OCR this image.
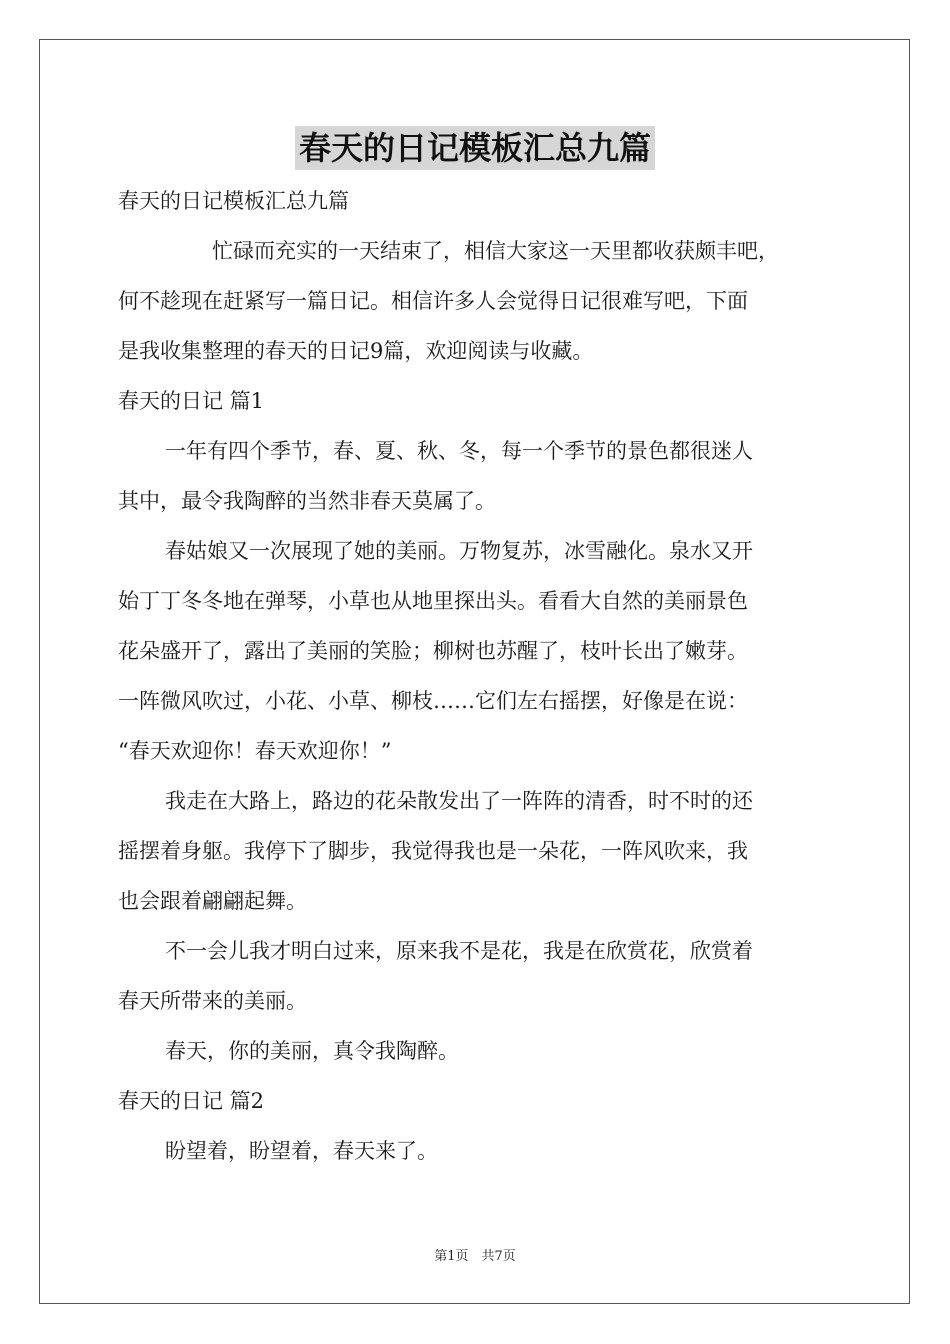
春天的日记模板汇总九篇
春天的日记模板汇总九篇
忙碌而充实的一天结束了，相信大家这一天里都收获颇丰吧，
何不趁现在赶紧写一篇日记。相信许多人会觉得日记很难写吧，下面
是我收集整理的春天的日记9篇，欢迎阅读与收藏。
春天的日记 篇1
一年有四个季节，春、夏、秋、冬，每一个季节的景色都很迷人
其中，最令我陶醉的当然非春天莫属了。
春姑娘又一次展现了她的美丽。万物复苏，冰雪融化。泉水又开
始丁丁冬冬地在弹琴，小草也从地里探出头。看看大自然的美丽景色
花朵盛开了，露出了美丽的笑脸；柳树也苏醒了，枝叶长出了嫩芽。
一阵微风吹过，小花、小草、柳枝……它们左右摇摆，好像是在说：
“春天欢迎你！春天欢迎你！”
我走在大路上，路边的花朵散发出了一阵阵的清香，时不时的还
摇摆着身躯。我停下了脚步，我觉得我也是一朵花，一阵风吹来，我
也会跟着翩翩起舞。
不一会儿我才明白过来，原来我不是花，我是在欣赏花，欣赏着
春天所带来的美丽。
春天，你的美丽，真令我陶醉。
春天的日记 篇2
盼望着，盼望着，春天来了。
第1页　共7页
